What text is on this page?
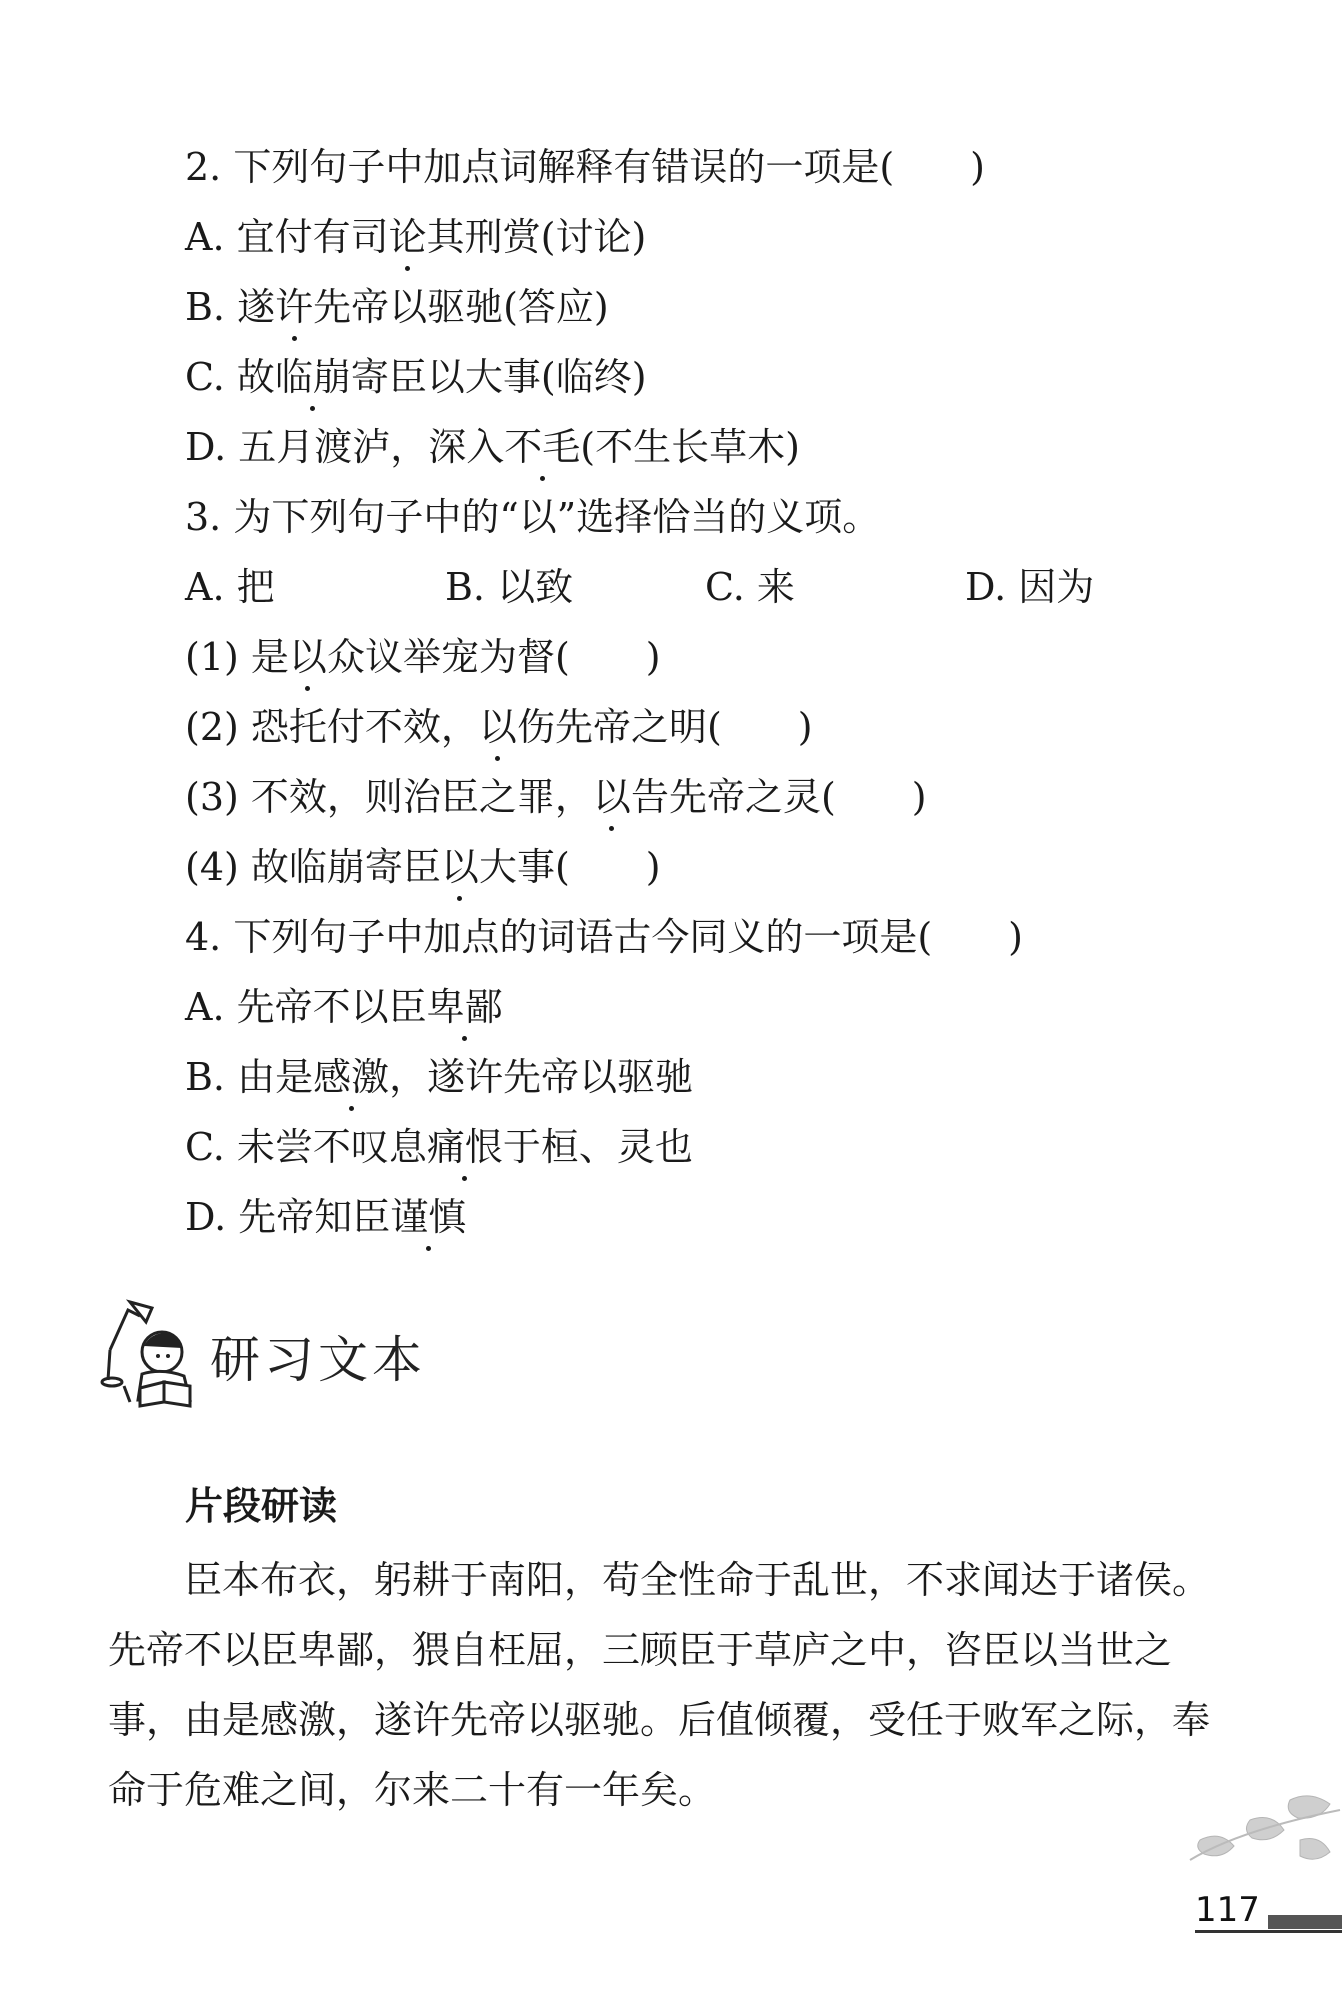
2. 下列句子中加点词解释有错误的一项是(　　)
A. 宜付有司论其刑赏(讨论)
B. 遂许先帝以驱驰(答应)
C. 故临崩寄臣以大事(临终)
D. 五月渡泸，深入不毛(不生长草木)
3. 为下列句子中的“以”选择恰当的义项。
A. 把	B. 以致	C. 来	D. 因为
(1) 是以众议举宠为督(　　)
(2) 恐托付不效，以伤先帝之明(　　)
(3) 不效，则治臣之罪，以告先帝之灵(　　)
(4) 故临崩寄臣以大事(　　)
4. 下列句子中加点的词语古今同义的一项是(　　)
A. 先帝不以臣卑鄙
B. 由是感激，遂许先帝以驱驰
C. 未尝不叹息痛恨于桓、灵也
D. 先帝知臣谨慎
研习文本
片段研读
　　臣本布衣，躬耕于南阳，苟全性命于乱世，不求闻达于诸侯。
先帝不以臣卑鄙，猥自枉屈，三顾臣于草庐之中，咨臣以当世之
事，由是感激，遂许先帝以驱驰。后值倾覆，受任于败军之际，奉
命于危难之间，尔来二十有一年矣。
117
